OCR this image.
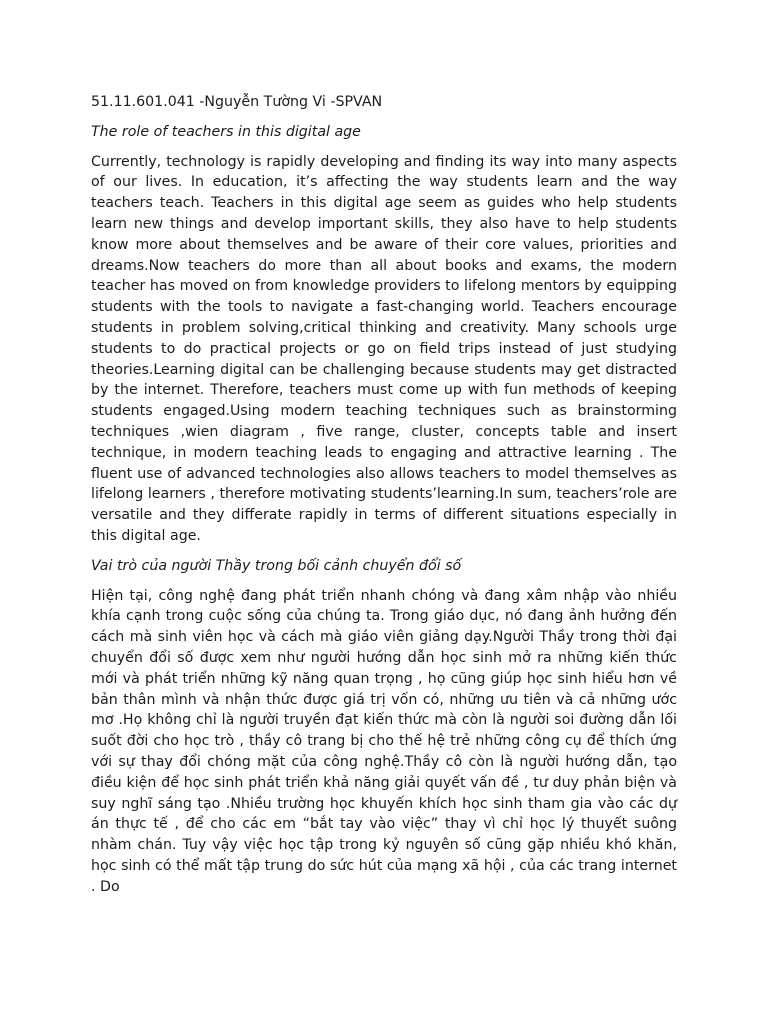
51.11.601.041 -Nguyễn Tường Vi -SPVAN

The role of teachers in this digital age

Currently, technology is rapidly developing and finding its way into many aspects of our lives. In education, it’s affecting the way students learn and the way teachers teach. Teachers in this digital age seem as guides who help students learn new things and develop important skills, they also have to help students know more about themselves and be aware of their core values, priorities and dreams.Now teachers do more than all about books and exams, the modern teacher has moved on from knowledge providers to lifelong mentors by equipping students with the tools to navigate a fast-changing world. Teachers encourage students in problem solving,critical thinking and creativity. Many schools urge students to do practical projects or go on field trips instead of just studying theories.Learning digital can be challenging because students may get distracted by the internet. Therefore, teachers must come up with fun methods of keeping students engaged.Using modern teaching techniques such as brainstorming techniques ,wien diagram , five range, cluster, concepts table and insert technique, in modern teaching leads to engaging and attractive learning . The fluent use of advanced technologies also allows teachers to model themselves as lifelong learners , therefore motivating students’learning.In sum, teachers’role are versatile and they differate rapidly in terms of different situations especially in this digital age.

Vai trò của người Thầy trong bối cảnh chuyển đổi số

Hiện tại, công nghệ đang phát triển nhanh chóng và đang xâm nhập vào nhiều khía cạnh trong cuộc sống của chúng ta. Trong giáo dục, nó đang ảnh hưởng đến cách mà sinh viên học và cách mà giáo viên giảng dạy.Người Thầy trong thời đại chuyển đổi số được xem như người hướng dẫn học sinh mở ra những kiến thức mới và phát triển những kỹ năng quan trọng , họ cũng giúp học sinh hiểu hơn về bản thân mình và nhận thức được giá trị vốn có, những ưu tiên và cả những ước mơ .Họ không chỉ là người truyền đạt kiến thức mà còn là người soi đường dẫn lối suốt đời cho học trò , thầy cô trang bị cho thế hệ trẻ những công cụ để thích ứng với sự thay đổi chóng mặt của công nghệ.Thầy cô còn là người hướng dẫn, tạo điều kiện để học sinh phát triển khả năng giải quyết vấn đề , tư duy phản biện và suy nghĩ sáng tạo .Nhiều trường học khuyến khích học sinh tham gia vào các dự án thực tế , để cho các em “bắt tay vào việc” thay vì chỉ học lý thuyết suông nhàm chán. Tuy vậy việc học tập trong kỷ nguyên số cũng gặp nhiều khó khăn, học sinh có thể mất tập trung do sức hút của mạng xã hội , của các trang internet . Do
